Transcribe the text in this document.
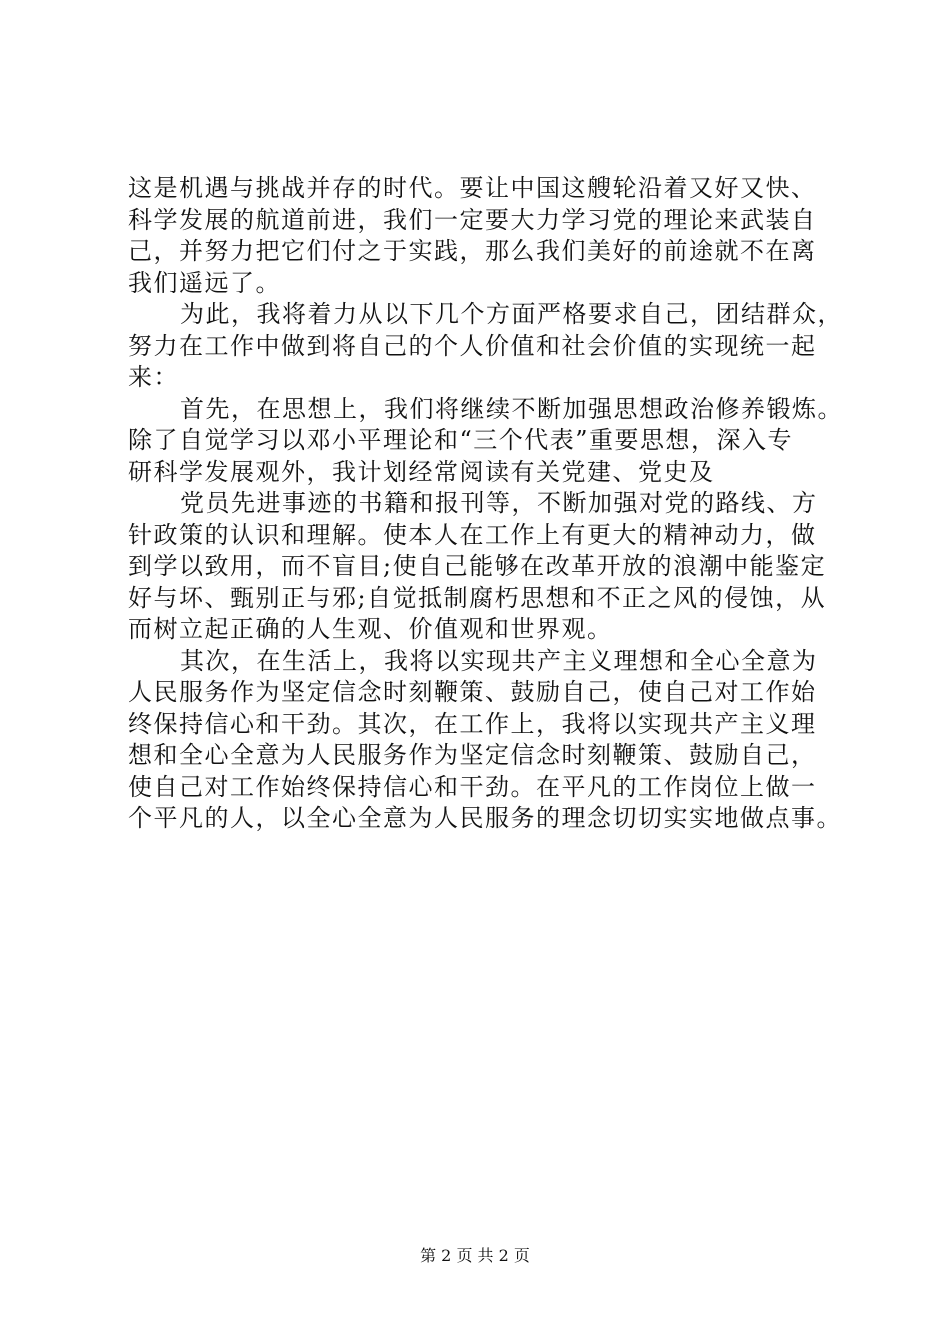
这是机遇与挑战并存的时代。要让中国这艘轮沿着又好又快、
科学发展的航道前进，我们一定要大力学习党的理论来武装自
己，并努力把它们付之于实践，那么我们美好的前途就不在离
我们遥远了。
为此，我将着力从以下几个方面严格要求自己，团结群众，
努力在工作中做到将自己的个人价值和社会价值的实现统一起
来：
首先，在思想上，我们将继续不断加强思想政治修养锻炼。
除了自觉学习以邓小平理论和“三个代表”重要思想，深入专
研科学发展观外，我计划经常阅读有关党建、党史及
党员先进事迹的书籍和报刊等，不断加强对党的路线、方
针政策的认识和理解。使本人在工作上有更大的精神动力，做
到学以致用，而不盲目;使自己能够在改革开放的浪潮中能鉴定
好与坏、甄别正与邪;自觉抵制腐朽思想和不正之风的侵蚀，从
而树立起正确的人生观、价值观和世界观。
其次，在生活上，我将以实现共产主义理想和全心全意为
人民服务作为坚定信念时刻鞭策、鼓励自己，使自己对工作始
终保持信心和干劲。其次，在工作上，我将以实现共产主义理
想和全心全意为人民服务作为坚定信念时刻鞭策、鼓励自己，
使自己对工作始终保持信心和干劲。在平凡的工作岗位上做一
个平凡的人，以全心全意为人民服务的理念切切实实地做点事。
第 2 页 共 2 页
